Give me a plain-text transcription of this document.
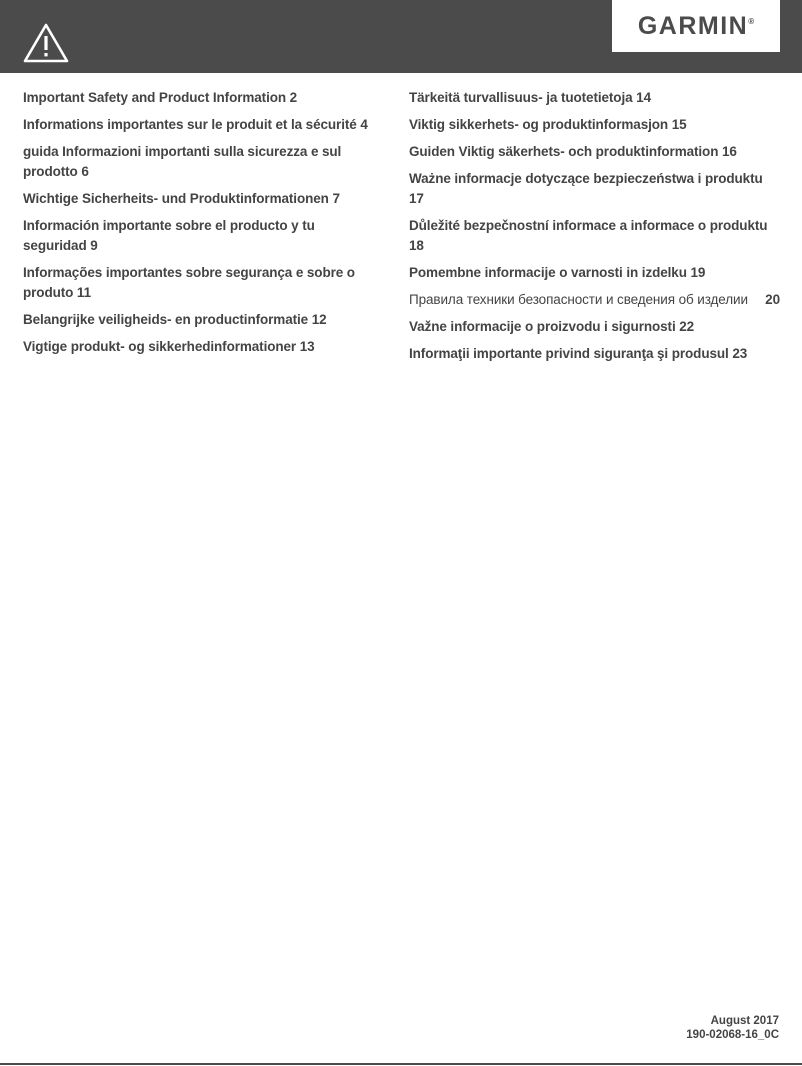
GARMIN®
Important Safety and Product Information 2
Informations importantes sur le produit et la sécurité 4
guida Informazioni importanti sulla sicurezza e sul prodotto 6
Wichtige Sicherheits- und Produktinformationen 7
Información importante sobre el producto y tu seguridad 9
Informações importantes sobre segurança e sobre o produto 11
Belangrijke veiligheids- en productinformatie 12
Vigtige produkt- og sikkerhedinformationer 13
Tärkeitä turvallisuus- ja tuotetietoja 14
Viktig sikkerhets- og produktinformasjon 15
Guiden Viktig säkerhets- och produktinformation 16
Ważne informacje dotyczące bezpieczeństwa i produktu 17
Důležité bezpečnostní informace a informace o produktu 18
Pomembne informacije o varnosti in izdelku 19
Правила техники безопасности и сведения об изделии 20
Važne informacije o proizvodu i sigurnosti 22
Informaţii importante privind siguranţa şi produsul 23
August 2017
190-02068-16_0C
